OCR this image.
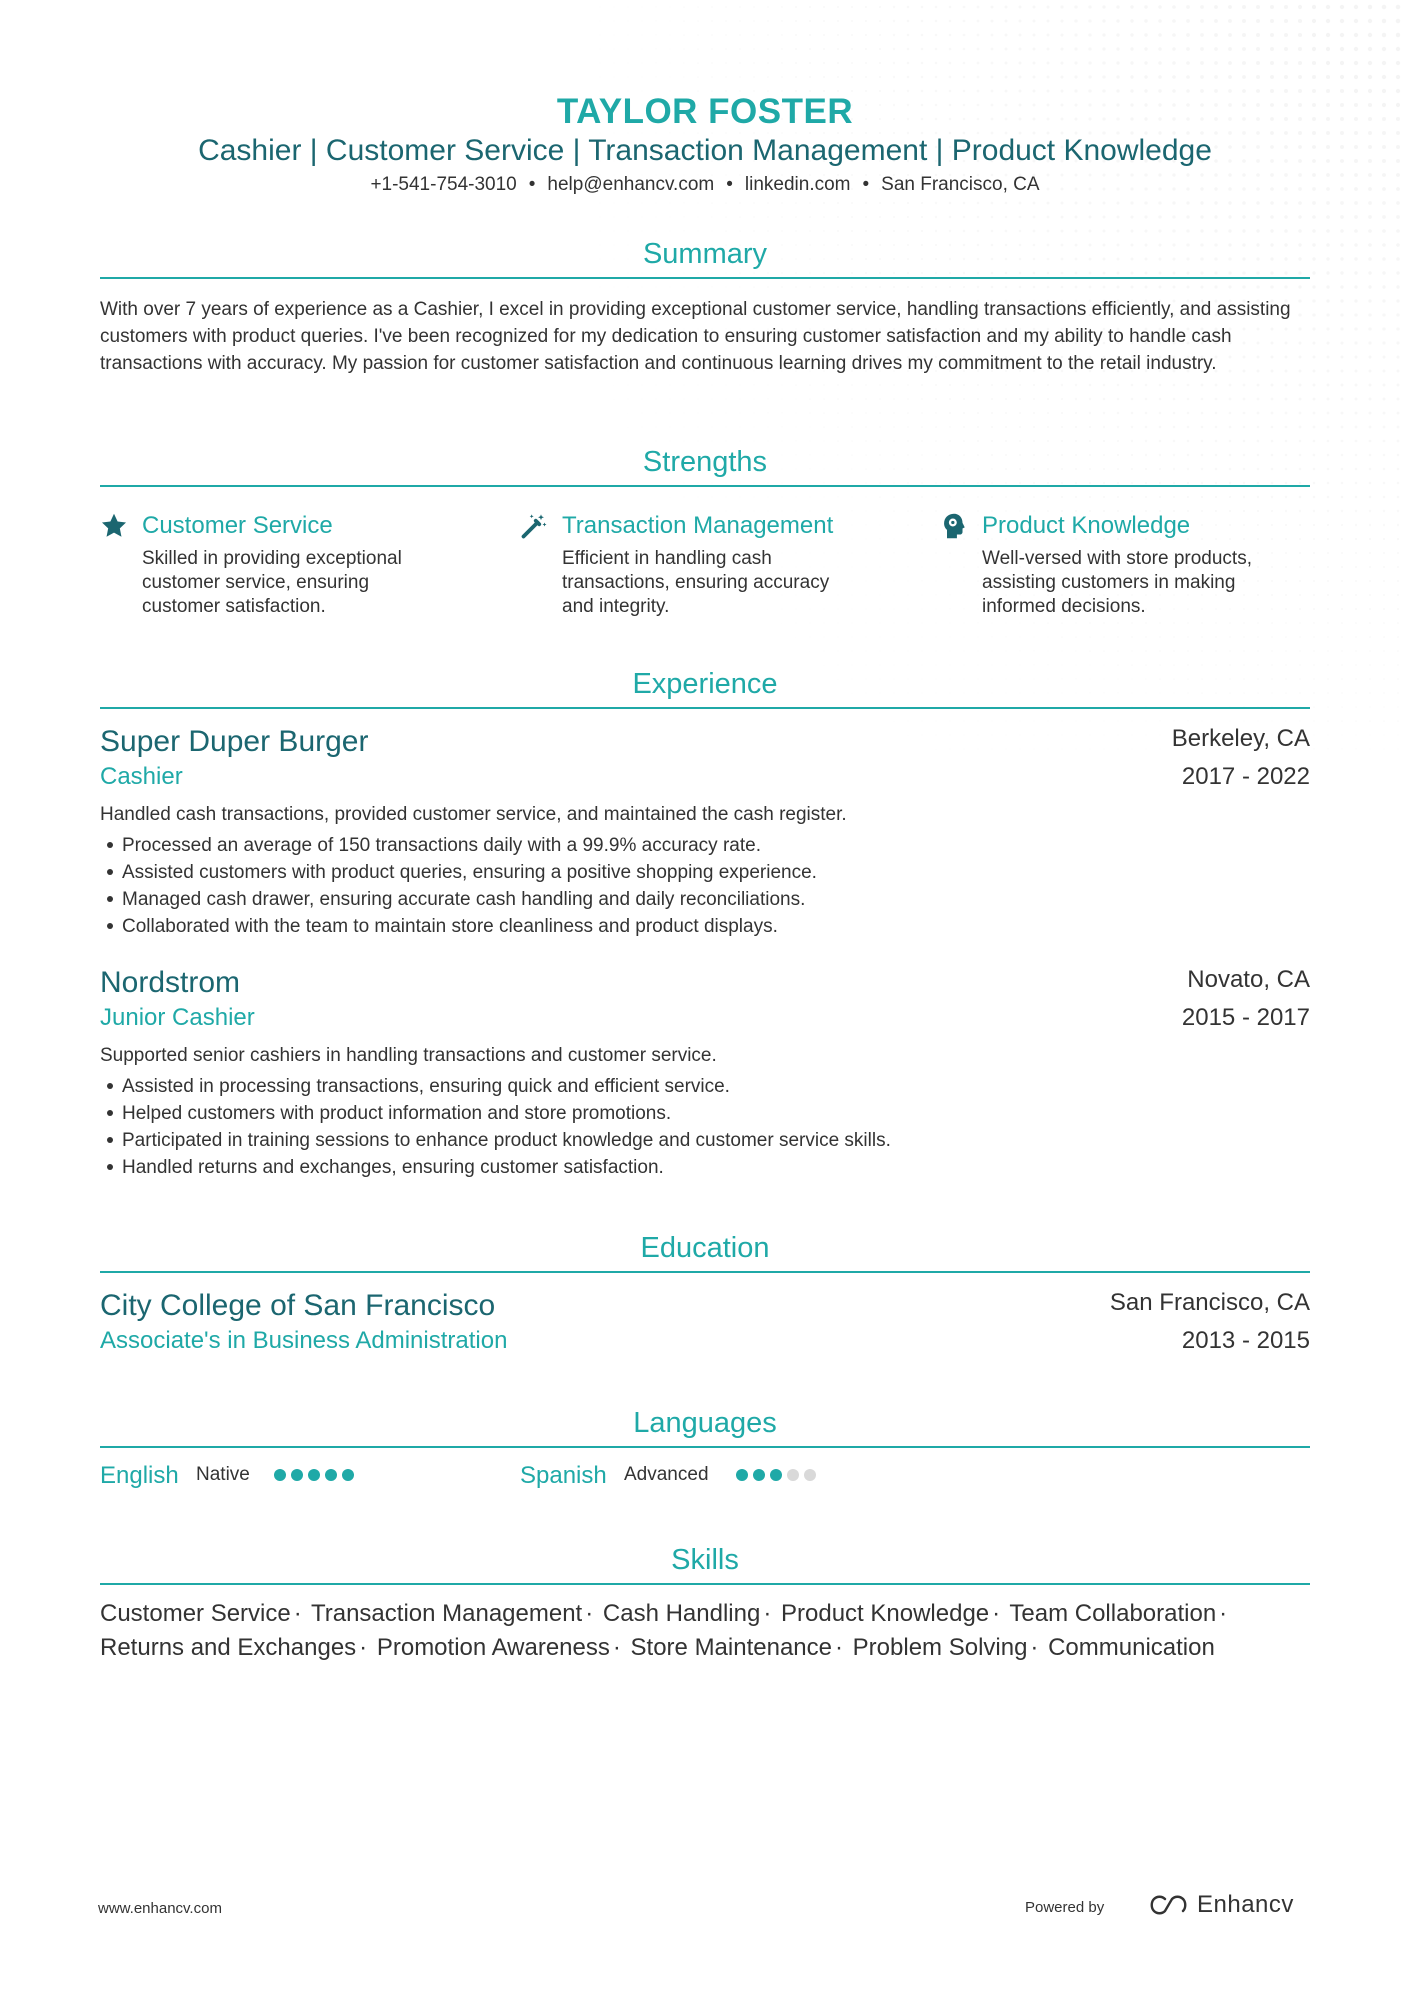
TAYLOR FOSTER
Cashier | Customer Service | Transaction Management | Product Knowledge
+1-541-754-3010 • help@enhancv.com • linkedin.com • San Francisco, CA
Summary
With over 7 years of experience as a Cashier, I excel in providing exceptional customer service, handling transactions efficiently, and assisting customers with product queries. I've been recognized for my dedication to ensuring customer satisfaction and my ability to handle cash transactions with accuracy. My passion for customer satisfaction and continuous learning drives my commitment to the retail industry.
Strengths
Customer Service
Skilled in providing exceptional customer service, ensuring customer satisfaction.
Transaction Management
Efficient in handling cash transactions, ensuring accuracy and integrity.
Product Knowledge
Well-versed with store products, assisting customers in making informed decisions.
Experience
Super Duper Burger
Cashier
Berkeley, CA
2017 - 2022
Handled cash transactions, provided customer service, and maintained the cash register.
Processed an average of 150 transactions daily with a 99.9% accuracy rate.
Assisted customers with product queries, ensuring a positive shopping experience.
Managed cash drawer, ensuring accurate cash handling and daily reconciliations.
Collaborated with the team to maintain store cleanliness and product displays.
Nordstrom
Junior Cashier
Novato, CA
2015 - 2017
Supported senior cashiers in handling transactions and customer service.
Assisted in processing transactions, ensuring quick and efficient service.
Helped customers with product information and store promotions.
Participated in training sessions to enhance product knowledge and customer service skills.
Handled returns and exchanges, ensuring customer satisfaction.
Education
City College of San Francisco
Associate's in Business Administration
San Francisco, CA
2013 - 2015
Languages
English Native	Spanish Advanced
Skills
Customer Service · Transaction Management · Cash Handling · Product Knowledge · Team Collaboration · Returns and Exchanges · Promotion Awareness · Store Maintenance · Problem Solving · Communication
www.enhancv.com	Powered by	Enhancv
